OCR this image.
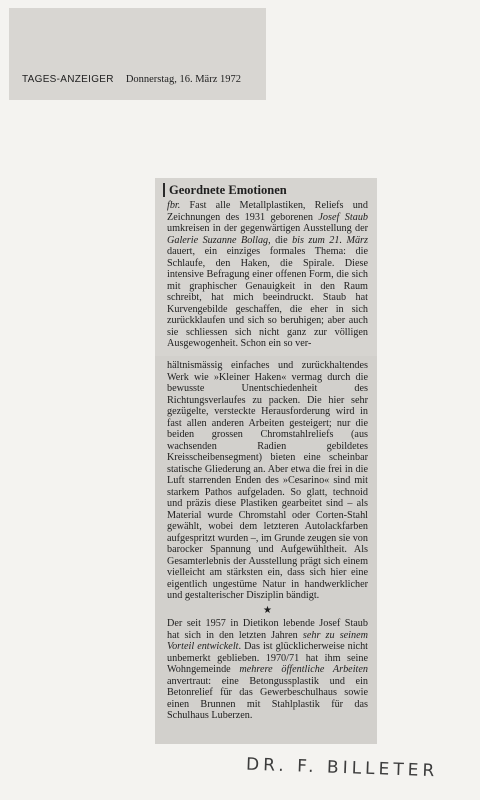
TAGES-ANZEIGER Donnerstag, 16. März 1972
Geordnete Emotionen

fbr. Fast alle Metallplastiken, Reliefs und Zeichnungen des 1931 geborenen Josef Staub umkreisen in der gegenwärtigen Ausstellung der Galerie Suzanne Bollag, die bis zum 21. März dauert, ein einziges formales Thema: die Schlaufe, den Haken, die Spirale. Diese intensive Befragung einer offenen Form, die sich mit graphischer Genauigkeit in den Raum schreibt, hat mich beeindruckt. Staub hat Kurvengebilde geschaffen, die eher in sich zurückklaufen und sich so beruhigen; aber auch sie schliessen sich nicht ganz zur völligen Ausgewogenheit. Schon ein so ver-

hältnismässig einfaches und zurückhaltendes Werk wie »Kleiner Haken« vermag durch die bewusste Unentschiedenheit des Richtungsverlaufes zu packen. Die hier sehr gezügelte, versteckte Herausforderung wird in fast allen anderen Arbeiten gesteigert; nur die beiden grossen Chromstahlreliefs (aus wachsenden Radien gebildetes Kreisscheibensegment) bieten eine scheinbar statische Gliederung an. Aber etwa die frei in die Luft starrenden Enden des »Cesarino« sind mit starkem Pathos aufgeladen. So glatt, technoid und präzis diese Plastiken gearbeitet sind – als Material wurde Chromstahl oder Corten-Stahl gewählt, wobei dem letzteren Autolackfarben aufgespritzt wurden –, im Grunde zeugen sie von barocker Spannung und Aufgewühltheit. Als Gesamterlebnis der Ausstellung prägt sich einem vielleicht am stärksten ein, dass sich hier eine eigentlich ungestüme Natur in handwerklicher und gestalterischer Disziplin bändigt.

★

Der seit 1957 in Dietikon lebende Josef Staub hat sich in den letzten Jahren sehr zu seinem Vorteil entwickelt. Das ist glücklicherweise nicht unbemerkt geblieben. 1970/71 hat ihm seine Wohngemeinde mehrere öffentliche Arbeiten anvertraut: eine Betongussplastik und ein Betonrelief für das Gewerbeschulhaus sowie einen Brunnen mit Stahlplastik für das Schulhaus Luberzen.

DR. F. BILLETER
